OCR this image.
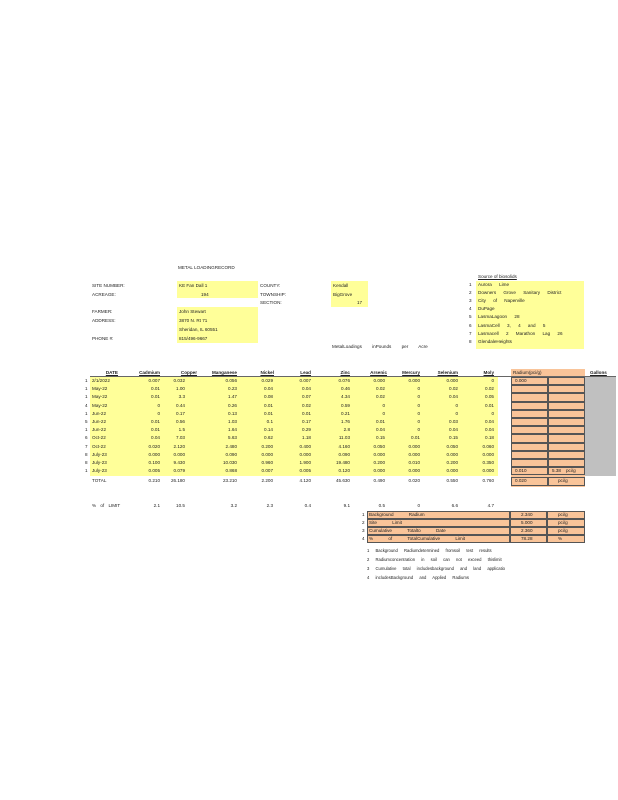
METAL LOADINGRECORD
SITE NUMBER:	KE Fan Dall 1
ACREAGE:	194
FARMER:	John Stewart
ADDRESS:	3870 N. Rt 71
Sheridan, IL 60551
PHONE #:	815/496-9667
COUNTY:	Kendall
TOWNSHIP:	BigGrove
SECTION:	17
Source of biosolids
1 Aurora Lime
2 Downers Grove Sanitary District
3 City of Naperville
4 DuPage
5 LasmaLagoon 28
6 LasmaCell 3, 4 and 5
7 Lasmacell 2 Marathon Lag 26
8 GlendaleHeights
MetalLoadings inPounds per Acre
DATE	Cadmium	Copper	Manganese	Nickel	Lead	Zinc	Arsenic	Mercury	Selenium	Moly	Radium(pci/g)	Gallons
1 2/1/2022	0.007	0.032	0.056	0.029	0.007	0.076	0.000	0.000	0.000	0	0.000
1 May-22	0.01	1.00	0.23	0.04	0.04	0.46	0.02	0	0.02	0.02
1 May-22	0.01	3.3	1.47	0.08	0.07	4.34	0.02	0	0.04	0.05
4 May-22	0	0.44	0.26	0.01	0.02	0.59	0	0	0	0.01
1 Jun-22	0	0.17	0.13	0.01	0.01	0.21	0	0	0	0
5 Jun-22	0.01	0.56	1.03	0.1	0.17	1.76	0.01	0	0.03	0.04
1 Jun-22	0.01	1.5	1.64	0.14	0.29	2.8	0.04	0	0.04	0.04
6 Oct-22	0.04	7.03	5.63	0.62	1.18	11.03	0.15	0.01	0.15	0.18
7 Oct-22	0.020	2.120	2.480	0.200	0.400	4.160	0.050	0.000	0.050	0.060
8 July-23	0.000	0.000	0.090	0.000	0.000	0.090	0.000	0.000	0.000	0.000
8 July-23	0.100	9.430	10.030	0.960	1.900	19.480	0.200	0.010	0.200	0.350
1 July-23	0.005	0.079	0.868	0.007	0.005	0.120	0.000	0.000	0.000	0.000	0.010	5.38 pci/g
TOTAL	0.210	26.180	23.210	2.200	4.120	45.630	0.490	0.020	0.550	0.760	0.020	pci/g
% of LIMIT	2.1	10.5	3.2	2.3	0.4	9.1	0.5	0	6.6	4.7
1 Background Radium	2.340	pci/g
2 Site Limit	5.000	pci/g
3 Cumulative Totalto Date	2.360	pci/g
4 % of TotalCumulative Limit	78.28	%
1 Background Radiumdetermined fromsoil test results
2 Radiumconcentration in soil can not exceed thislimit
3 Cumulative total includesbackground and land applicatio
4 includesBackground and Applied Radiums
